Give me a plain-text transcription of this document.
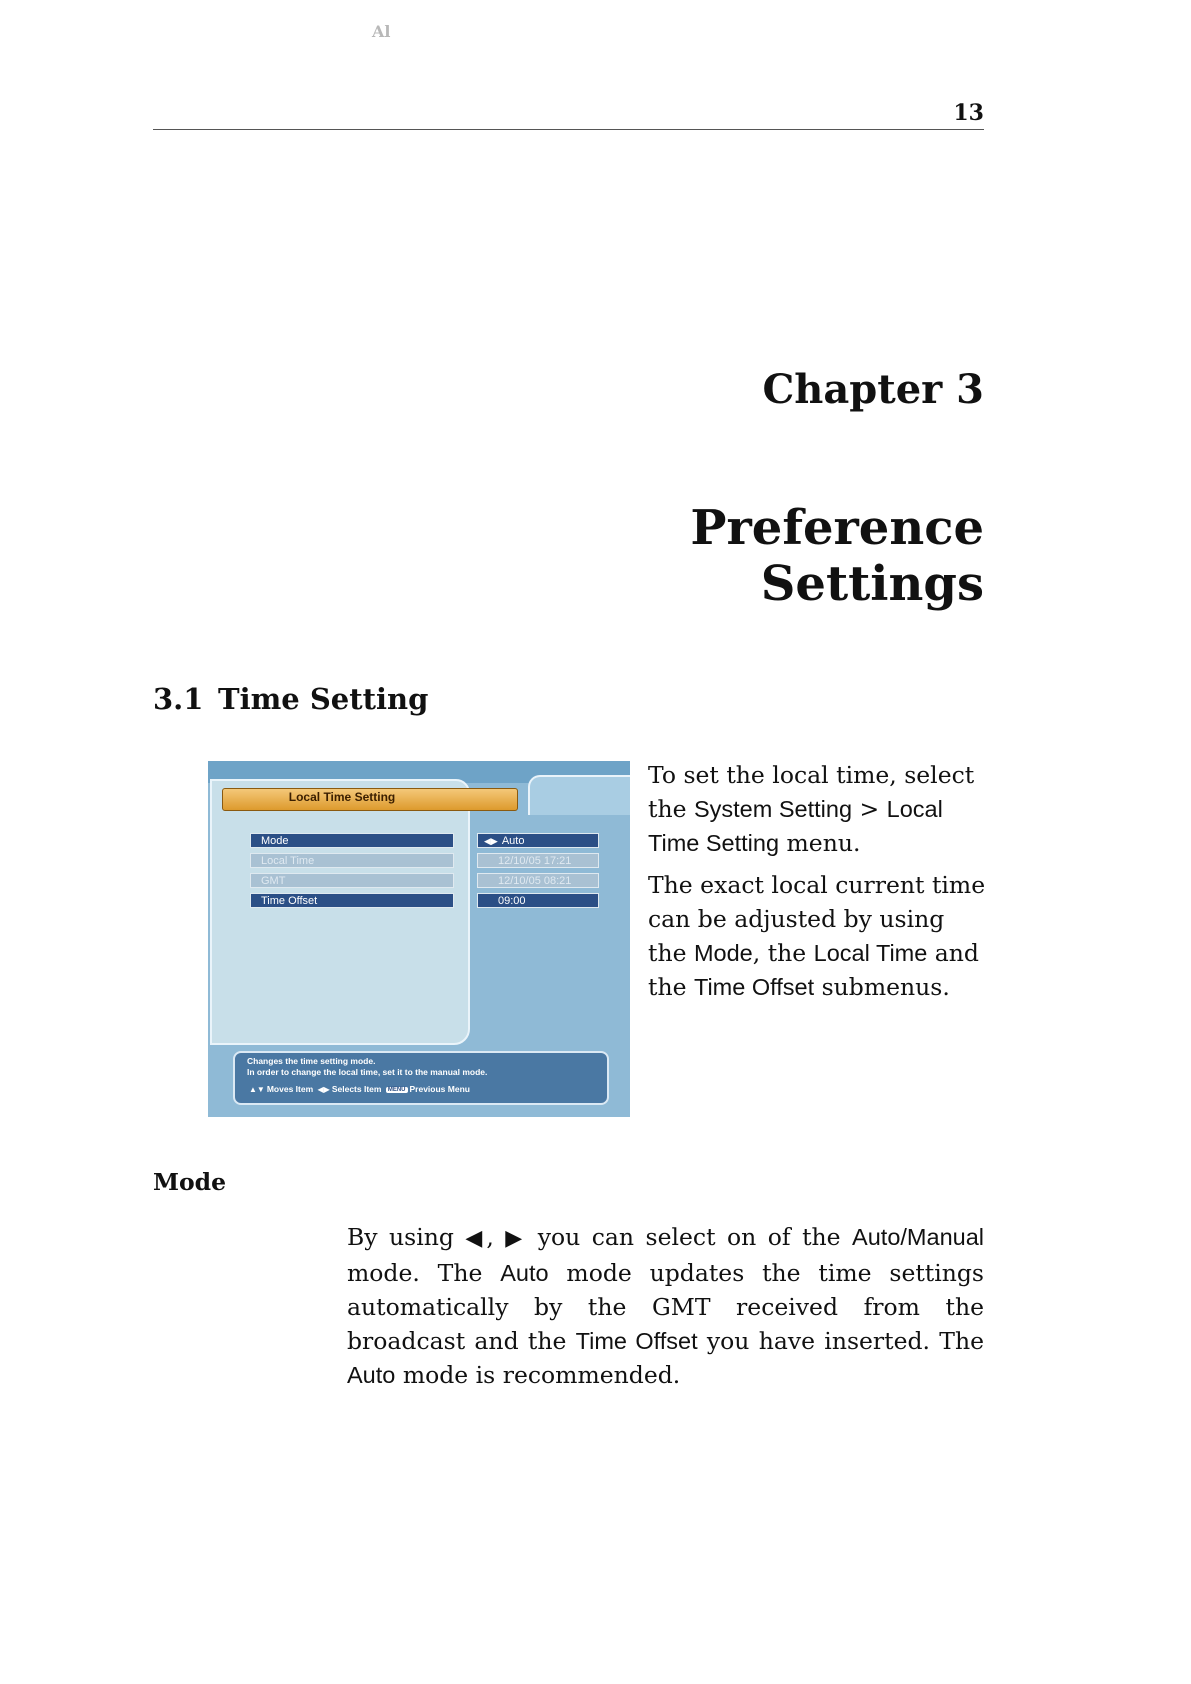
Al
13
Chapter 3
Preference Settings
3.1 Time Setting
Local Time Setting
Mode	◀▶ Auto
Local Time	12/10/05 17:21
GMT	12/10/05 08:21
Time Offset	09:00
Changes the time setting mode.
In order to change the local time, set it to the manual mode.
▲▼ Moves Item ◀▶ Selects Item MENU Previous Menu

To set the local time, select the System Setting > Local Time Setting menu.

The exact local current time can be adjusted by using the Mode, the Local Time and the Time Offset submenus.

Mode
By using ◀, ▶ you can select on of the Auto/Manual mode. The Auto mode updates the time settings automatically by the GMT received from the broadcast and the Time Offset you have inserted. The Auto mode is recommended.
